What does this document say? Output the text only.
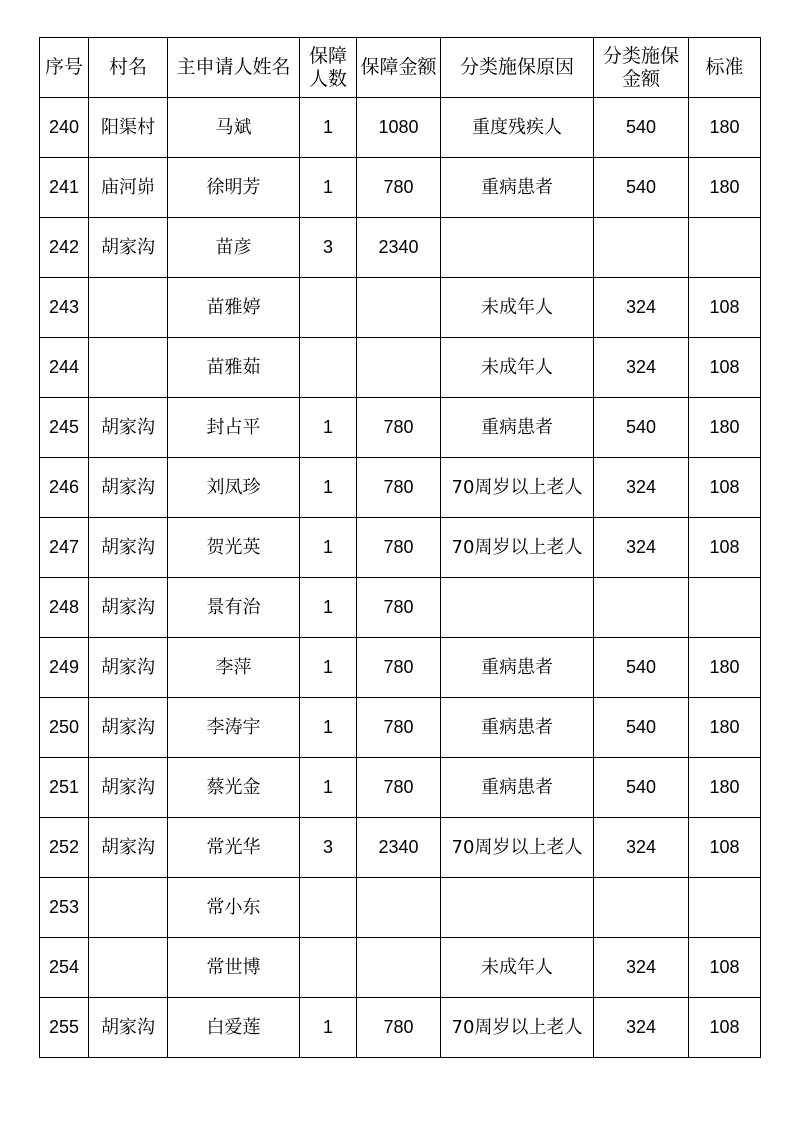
序号	村名	主申请人姓名	保障人数	保障金额	分类施保原因	分类施保金额	标准
240	阳渠村	马斌	1	1080	重度残疾人	540	180
241	庙河峁	徐明芳	1	780	重病患者	540	180
242	胡家沟	苗彦	3	2340			
243		苗雅婷			未成年人	324	108
244		苗雅茹			未成年人	324	108
245	胡家沟	封占平	1	780	重病患者	540	180
246	胡家沟	刘凤珍	1	780	70周岁以上老人	324	108
247	胡家沟	贺光英	1	780	70周岁以上老人	324	108
248	胡家沟	景有治	1	780			
249	胡家沟	李萍	1	780	重病患者	540	180
250	胡家沟	李涛宇	1	780	重病患者	540	180
251	胡家沟	蔡光金	1	780	重病患者	540	180
252	胡家沟	常光华	3	2340	70周岁以上老人	324	108
253		常小东					
254		常世博			未成年人	324	108
255	胡家沟	白爱莲	1	780	70周岁以上老人	324	108
